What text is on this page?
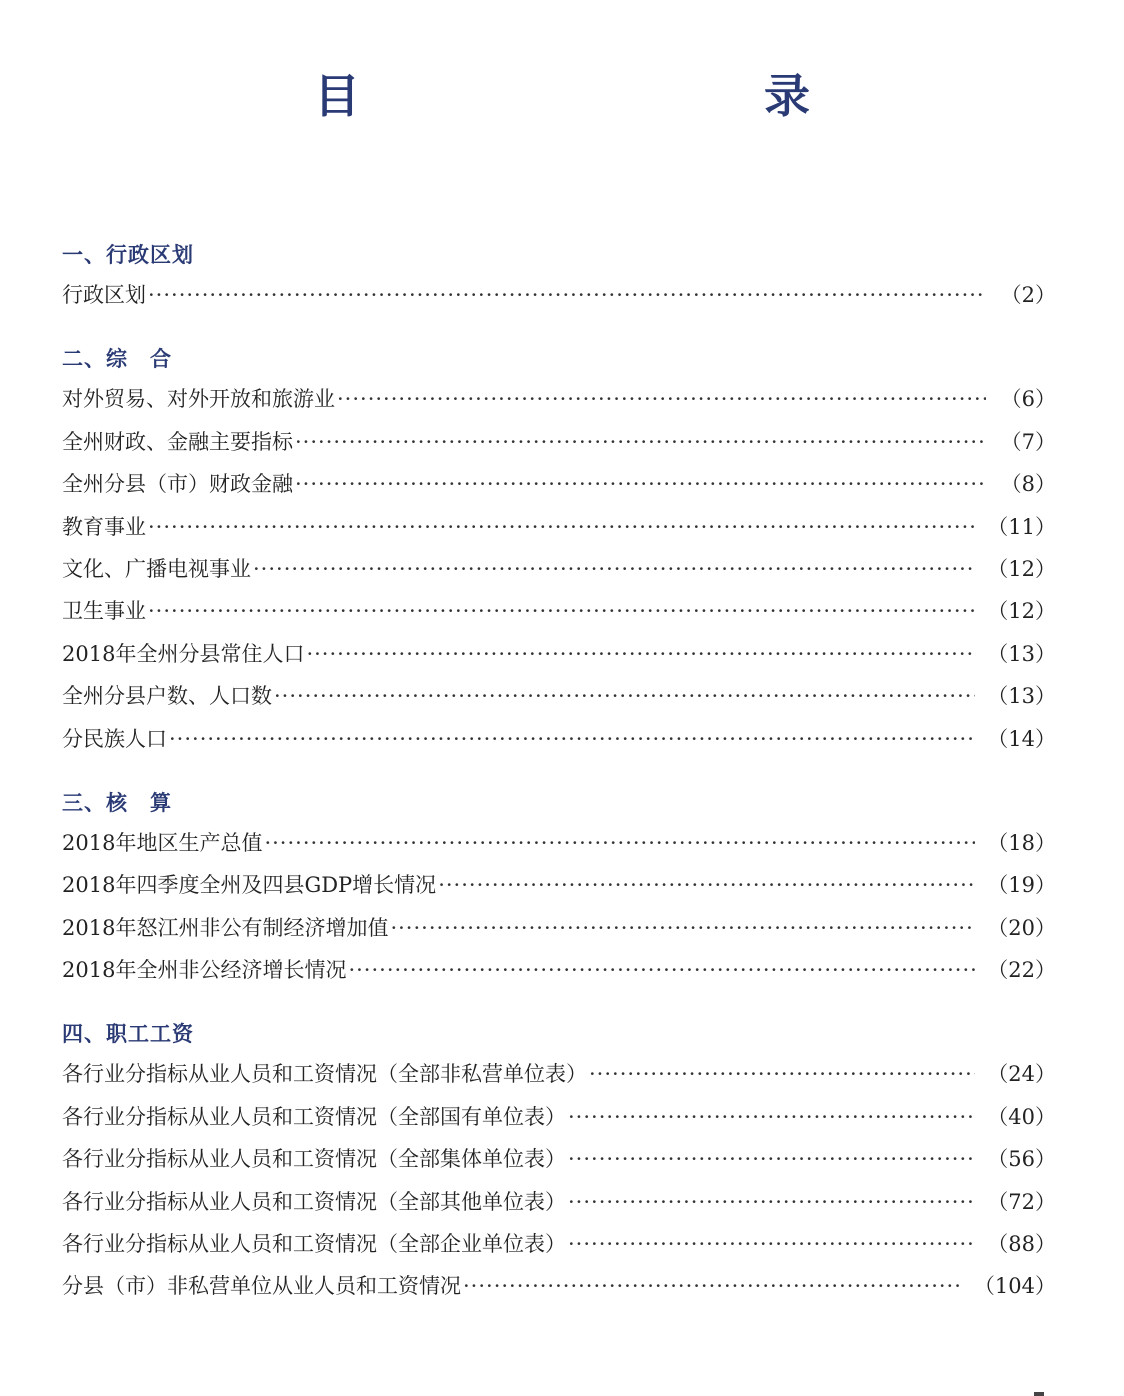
目　　录
一、行政区划
行政区划 ·····	（2）
二、综　合
对外贸易、对外开放和旅游业 ·····	（6）
全州财政、金融主要指标 ·····	（7）
全州分县（市）财政金融 ·····	（8）
教育事业 ·····	（11）
文化、广播电视事业 ·····	（12）
卫生事业 ·····	（12）
2018年全州分县常住人口 ·····	（13）
全州分县户数、人口数 ·····	（13）
分民族人口 ·····	（14）
三、核　算
2018年地区生产总值 ·····	（18）
2018年四季度全州及四县GDP增长情况 ·····	（19）
2018年怒江州非公有制经济增加值 ·····	（20）
2018年全州非公经济增长情况 ·····	（22）
四、职工工资
各行业分指标从业人员和工资情况（全部非私营单位表） ·····	（24）
各行业分指标从业人员和工资情况（全部国有单位表） ·····	（40）
各行业分指标从业人员和工资情况（全部集体单位表） ·····	（56）
各行业分指标从业人员和工资情况（全部其他单位表） ·····	（72）
各行业分指标从业人员和工资情况（全部企业单位表） ·····	（88）
分县（市）非私营单位从业人员和工资情况 ·····	（104）
